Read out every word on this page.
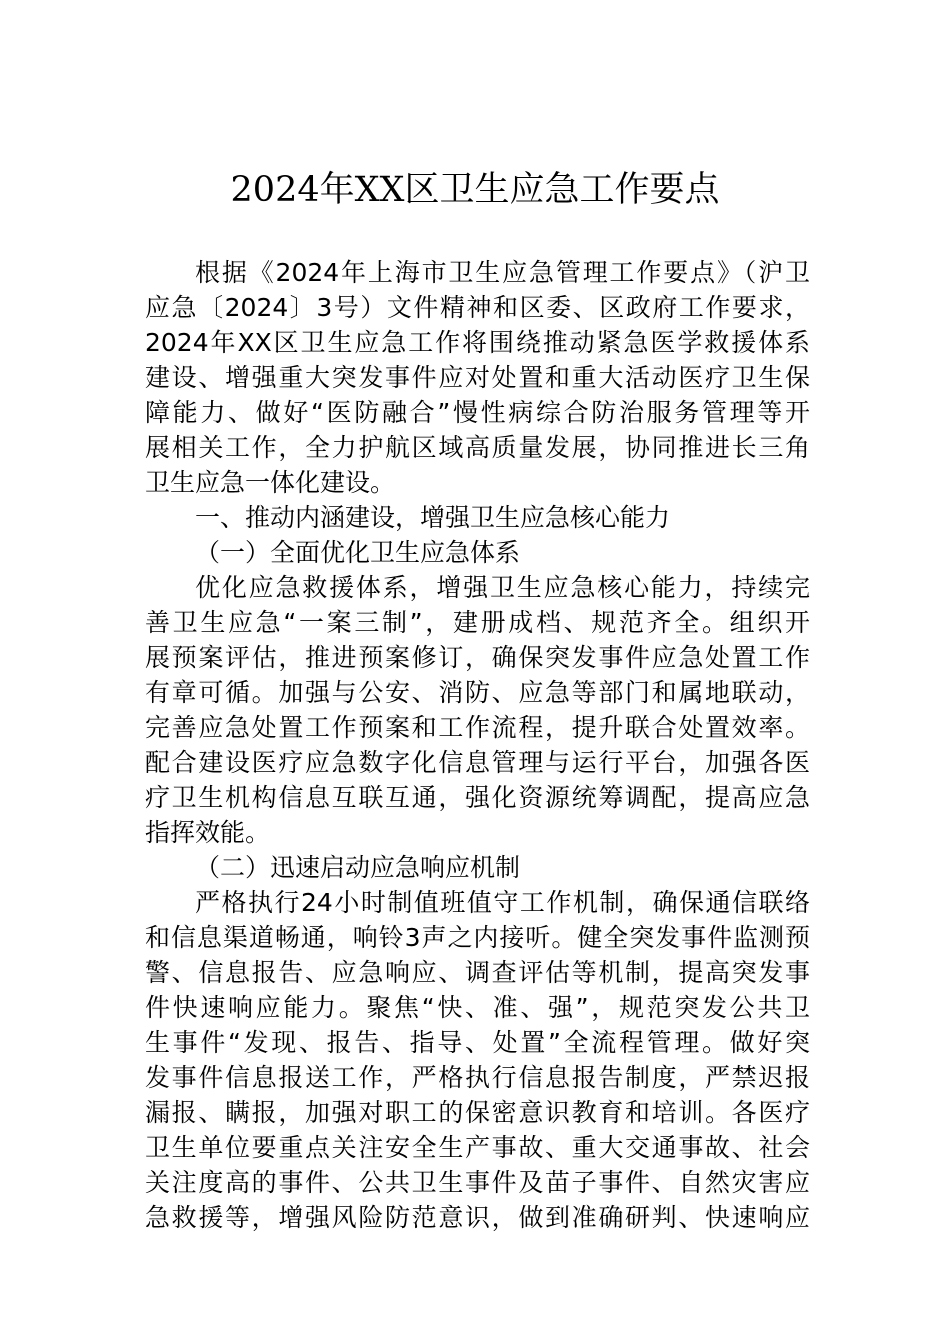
2024年XX区卫生应急工作要点

根据《2024年上海市卫生应急管理工作要点》（沪卫

应急〔2024〕3号）文件精神和区委、区政府工作要求，

2024年XX区卫生应急工作将围绕推动紧急医学救援体系

建设、增强重大突发事件应对处置和重大活动医疗卫生保

障能力、做好“医防融合”慢性病综合防治服务管理等开

展相关工作，全力护航区域高质量发展，协同推进长三角

卫生应急一体化建设。

一、推动内涵建设，增强卫生应急核心能力

（一）全面优化卫生应急体系

优化应急救援体系，增强卫生应急核心能力，持续完

善卫生应急“一案三制”，建册成档、规范齐全。组织开

展预案评估，推进预案修订，确保突发事件应急处置工作

有章可循。加强与公安、消防、应急等部门和属地联动，

完善应急处置工作预案和工作流程，提升联合处置效率。

配合建设医疗应急数字化信息管理与运行平台，加强各医

疗卫生机构信息互联互通，强化资源统筹调配，提高应急

指挥效能。

（二）迅速启动应急响应机制

严格执行24小时制值班值守工作机制，确保通信联络

和信息渠道畅通，响铃3声之内接听。健全突发事件监测预

警、信息报告、应急响应、调查评估等机制，提高突发事

件快速响应能力。聚焦“快、准、强”，规范突发公共卫

生事件“发现、报告、指导、处置”全流程管理。做好突

发事件信息报送工作，严格执行信息报告制度，严禁迟报

漏报、瞒报，加强对职工的保密意识教育和培训。各医疗

卫生单位要重点关注安全生产事故、重大交通事故、社会

关注度高的事件、公共卫生事件及苗子事件、自然灾害应

急救援等，增强风险防范意识，做到准确研判、快速响应
